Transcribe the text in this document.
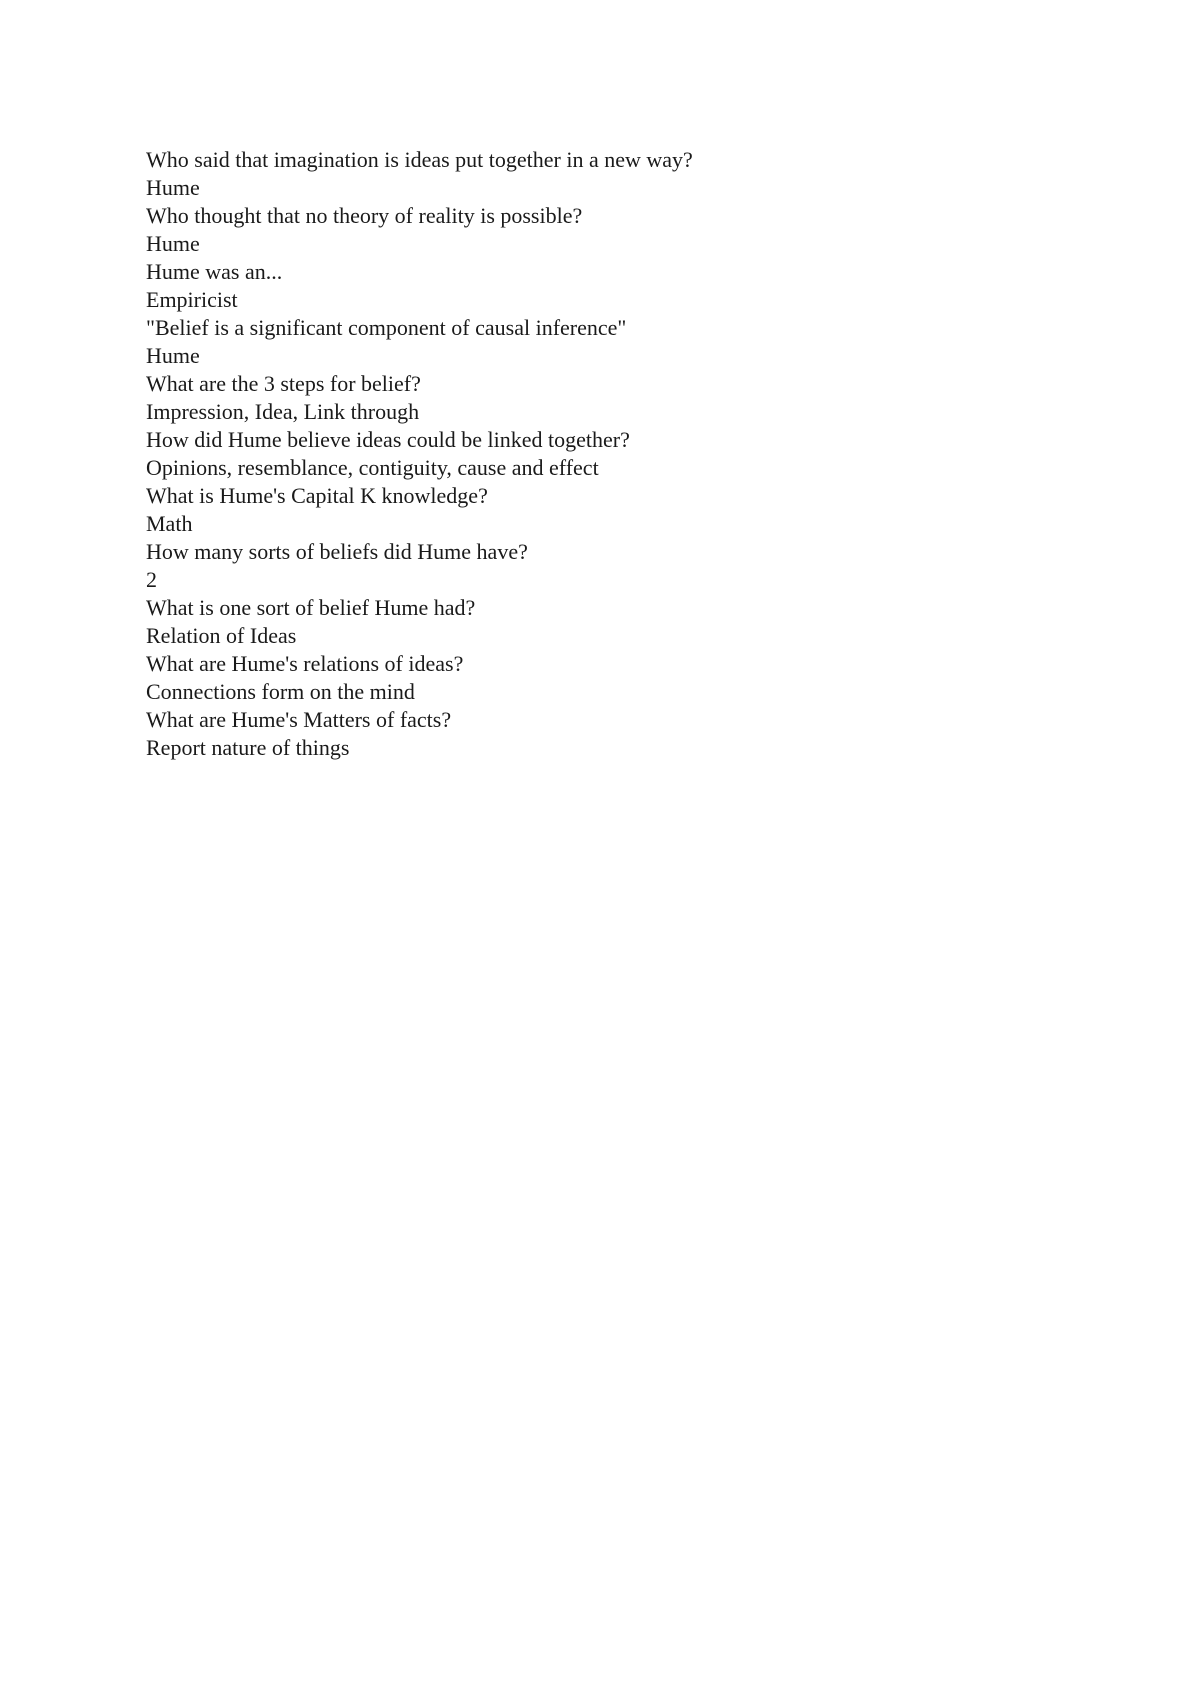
Who said that imagination is ideas put together in a new way?
Hume
Who thought that no theory of reality is possible?
Hume
Hume was an...
Empiricist
"Belief is a significant component of causal inference"
Hume
What are the 3 steps for belief?
Impression, Idea, Link through
How did Hume believe ideas could be linked together?
Opinions, resemblance, contiguity, cause and effect
What is Hume's Capital K knowledge?
Math
How many sorts of beliefs did Hume have?
2
What is one sort of belief Hume had?
Relation of Ideas
What are Hume's relations of ideas?
Connections form on the mind
What are Hume's Matters of facts?
Report nature of things
